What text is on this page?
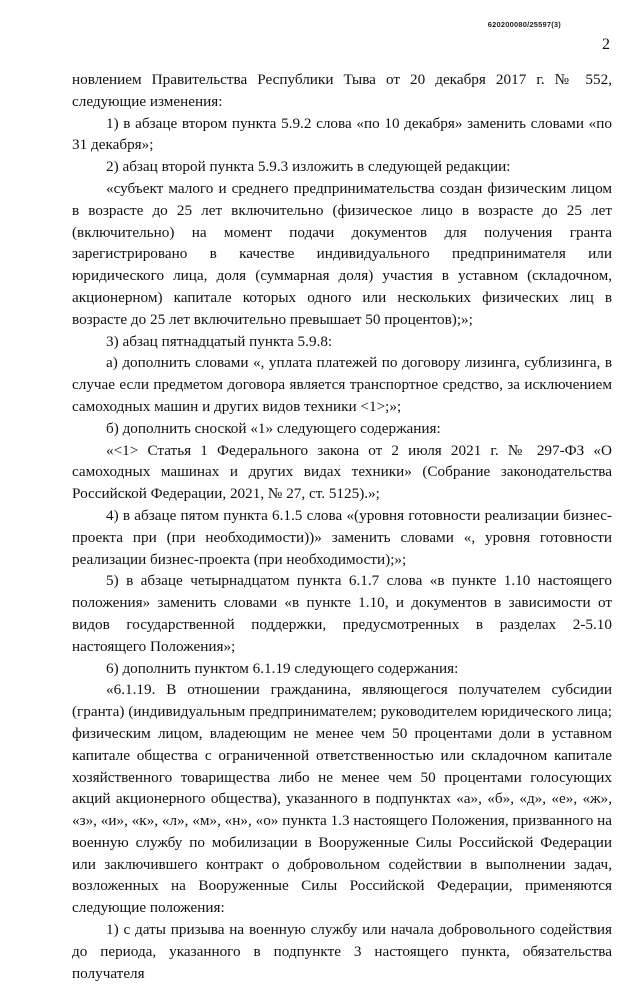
620200080/25597(3)
2

новлением Правительства Республики Тыва от 20 декабря 2017 г. № 552, следующие изменения:

1) в абзаце втором пункта 5.9.2 слова «по 10 декабря» заменить словами «по 31 декабря»;

2) абзац второй пункта 5.9.3 изложить в следующей редакции:

«субъект малого и среднего предпринимательства создан физическим лицом в возрасте до 25 лет включительно (физическое лицо в возрасте до 25 лет (включительно) на момент подачи документов для получения гранта зарегистрировано в качестве индивидуального предпринимателя или юридического лица, доля (суммарная доля) участия в уставном (складочном, акционерном) капитале которых одного или нескольких физических лиц в возрасте до 25 лет включительно превышает 50 процентов);»;

3) абзац пятнадцатый пункта 5.9.8:

а) дополнить словами «, уплата платежей по договору лизинга, сублизинга, в случае если предметом договора является транспортное средство, за исключением самоходных машин и других видов техники <1>;»;

б) дополнить сноской «1» следующего содержания:

«<1> Статья 1 Федерального закона от 2 июля 2021 г. № 297-ФЗ «О самоходных машинах и других видах техники» (Собрание законодательства Российской Федерации, 2021, № 27, ст. 5125).»;

4) в абзаце пятом пункта 6.1.5 слова «(уровня готовности реализации бизнес-проекта при (при необходимости))» заменить словами «, уровня готовности реализации бизнес-проекта (при необходимости);»;

5) в абзаце четырнадцатом пункта 6.1.7 слова «в пункте 1.10 настоящего положения» заменить словами «в пункте 1.10, и документов в зависимости от видов государственной поддержки, предусмотренных в разделах 2-5.10 настоящего Положения»;

6) дополнить пунктом 6.1.19 следующего содержания:

«6.1.19. В отношении гражданина, являющегося получателем субсидии (гранта) (индивидуальным предпринимателем; руководителем юридического лица; физическим лицом, владеющим не менее чем 50 процентами доли в уставном капитале общества с ограниченной ответственностью или складочном капитале хозяйственного товарищества либо не менее чем 50 процентами голосующих акций акционерного общества), указанного в подпунктах «а», «б», «д», «е», «ж», «з», «и», «к», «л», «м», «н», «о» пункта 1.3 настоящего Положения, призванного на военную службу по мобилизации в Вооруженные Силы Российской Федерации или заключившего контракт о добровольном содействии в выполнении задач, возложенных на Вооруженные Силы Российской Федерации, применяются следующие положения:

1) с даты призыва на военную службу или начала добровольного содействия до периода, указанного в подпункте 3 настоящего пункта, обязательства получателя
